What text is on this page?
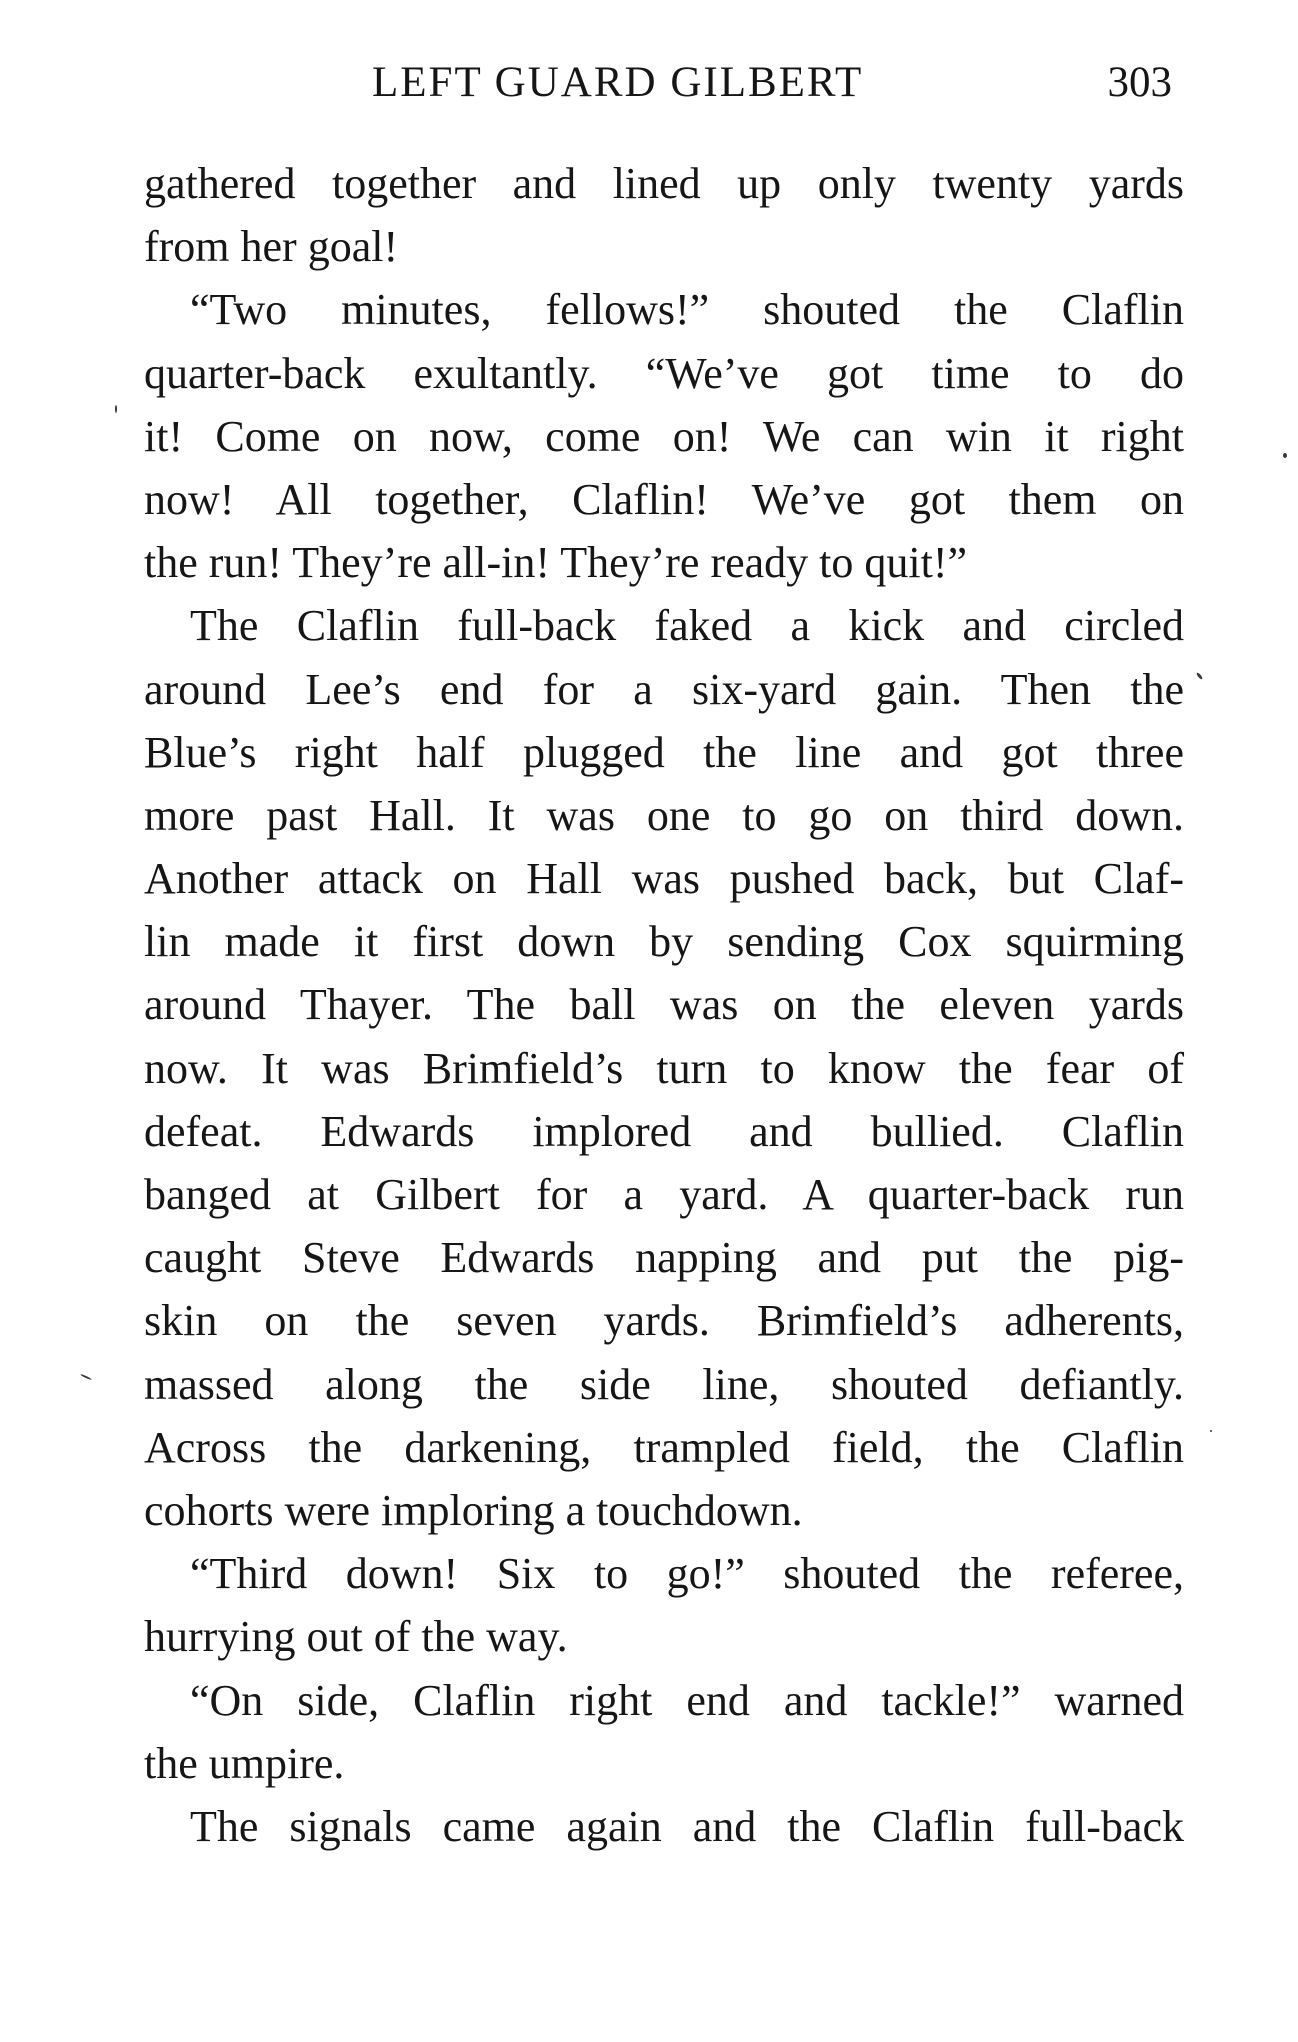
LEFT GUARD GILBERT	303
gathered together and lined up only twenty yards
from her goal!
“Two minutes, fellows!” shouted the Claflin
quarter-back exultantly. “We’ve got time to do
it! Come on now, come on! We can win it right
now! All together, Claflin! We’ve got them on
the run! They’re all-in! They’re ready to quit!”
The Claflin full-back faked a kick and circled
around Lee’s end for a six-yard gain. Then the
Blue’s right half plugged the line and got three
more past Hall. It was one to go on third down.
Another attack on Hall was pushed back, but Claf-
lin made it first down by sending Cox squirming
around Thayer. The ball was on the eleven yards
now. It was Brimfield’s turn to know the fear of
defeat. Edwards implored and bullied. Claflin
banged at Gilbert for a yard. A quarter-back run
caught Steve Edwards napping and put the pig-
skin on the seven yards. Brimfield’s adherents,
massed along the side line, shouted defiantly.
Across the darkening, trampled field, the Claflin
cohorts were imploring a touchdown.
“Third down! Six to go!” shouted the referee,
hurrying out of the way.
“On side, Claflin right end and tackle!” warned
the umpire.
The signals came again and the Claflin full-back
